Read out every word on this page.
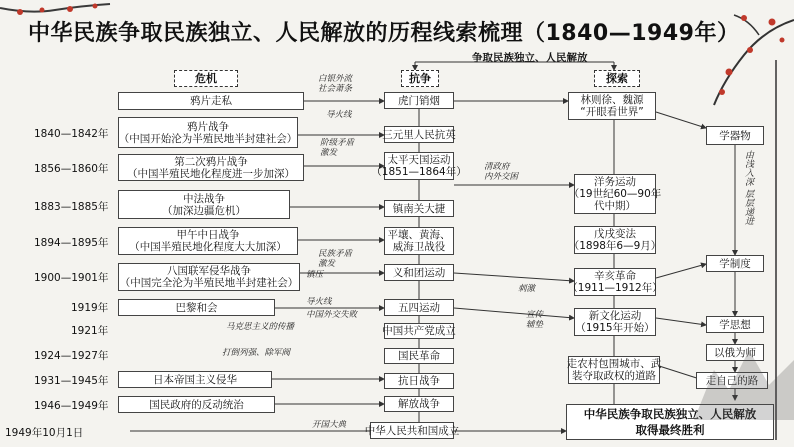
中华民族争取民族独立、人民解放的历程线索梳理（1840—1949年）
争取民族独立、人民解放
危机	抗争	探索
1840—1842年
1856—1860年
1883—1885年
1894—1895年
1900—1901年
1919年
1921年
1924—1927年
1931—1945年
1946—1949年
1949年10月1日
鸦片走私
鸦片战争
（中国开始沦为半殖民地半封建社会）
第二次鸦片战争
（中国半殖民地化程度进一步加深）
中法战争
（加深边疆危机）
甲午中日战争
（中国半殖民地化程度大大加深）
八国联军侵华战争
（中国完全沦为半殖民地半封建社会）
巴黎和会
日本帝国主义侵华
国民政府的反动统治
虎门销烟
三元里人民抗英
太平天国运动
（1851—1864年）
镇南关大捷
平壤、黄海、
威海卫战役
义和团运动
五四运动
中国共产党成立
国民革命
抗日战争
解放战争
中华人民共和国成立
林则徐、魏源
“开眼看世界”
洋务运动
（19世纪60—90年
代中期）
戊戌变法
（1898年6—9月）
辛亥革命
（1911—1912年）
新文化运动
（1915年开始）
走农村包围城市、武
装夺取政权的道路
中华民族争取民族独立、人民解放
取得最终胜利
学器物
学制度
学思想
以俄为师
走自己的路
白银外流
社会萧条
导火线
阶级矛盾
激发
清政府
内外交困
民族矛盾
激发
镇压
刺激
宣传
辅垫
导火线
中国外交失败
马克思主义的传播
打倒列强、除军阀
开国大典
由浅入深 层层递进
